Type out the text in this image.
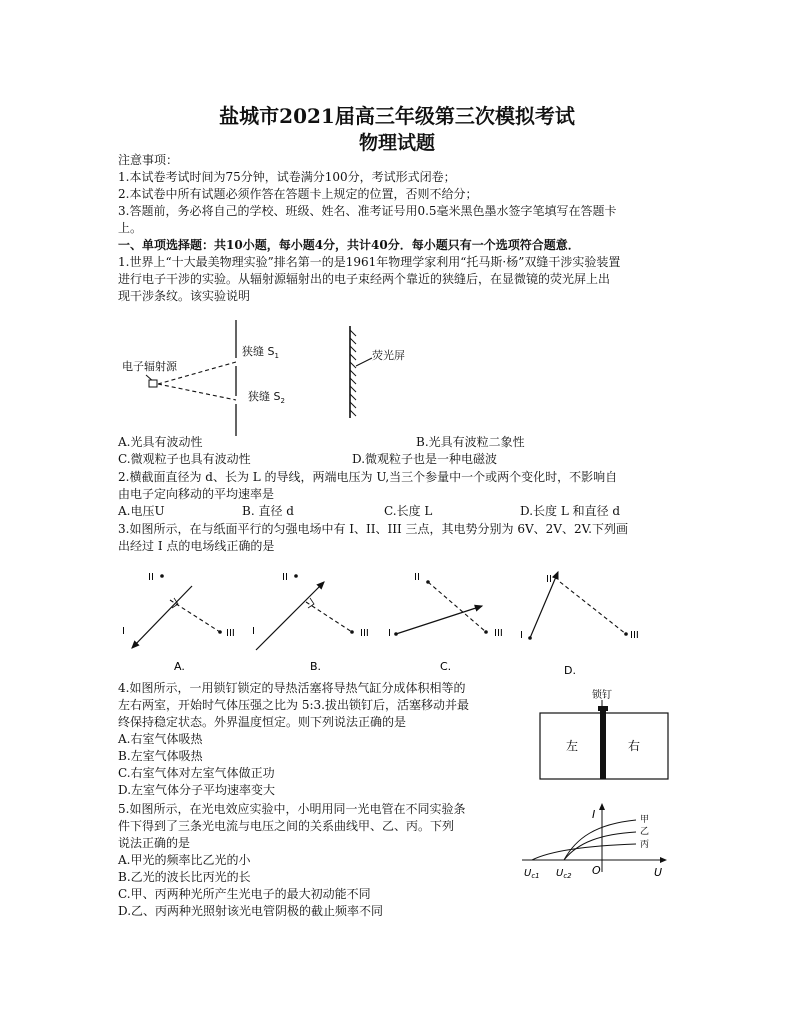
盐城市2021届高三年级第三次模拟考试
物理试题
注意事项：
1.本试卷考试时间为75分钟，试卷满分100分，考试形式闭卷；
2.本试卷中所有试题必须作答在答题卡上规定的位置，否则不给分；
3.答题前，务必将自己的学校、班级、姓名、准考证号用0.5毫米黑色墨水签字笔填写在答题卡
上。
一、单项选择题：共10小题，每小题4分，共计40分．每小题只有一个选项符合题意．
1.世界上“十大最美物理实验”排名第一的是1961年物理学家利用“托马斯·杨”双缝干涉实验装置
进行电子干涉的实验。从辐射源辐射出的电子束经两个靠近的狭缝后，在显微镜的荧光屏上出
现干涉条纹。该实验说明
电子辐射源
狭缝 $S_1$
狭缝 $S_2$
荧光屏
A.光具有波动性	B.光具有波粒二象性
C.微观粒子也具有波动性	D.微观粒子也是一种电磁波
2.横截面直径为 d、长为 L 的导线，两端电压为 U,当三个参量中一个或两个变化时，不影响自
由电子定向移动的平均速率是
A.电压U	B. 直径 d	C.长度 L	D.长度 L 和直径 d
3.如图所示，在与纸面平行的匀强电场中有 I、II、III 三点，其电势分别为 6V、2V、2V.下列画
出经过 I 点的电场线正确的是
II
I	III
A.
II
I	III
B.
II
I	III
C.
II
I	III
D.
4.如图所示，一用锁钉锁定的导热活塞将导热气缸分成体积相等的
左右两室，开始时气体压强之比为 5:3.拔出锁钉后，活塞移动并最
终保持稳定状态。外界温度恒定。则下列说法正确的是
A.右室气体吸热
B.左室气体吸热
C.右室气体对左室气体做正功
D.左室气体分子平均速率变大
锁钉
左	右
5.如图所示，在光电效应实验中，小明用同一光电管在不同实验条
件下得到了三条光电流与电压之间的关系曲线甲、乙、丙。下列
说法正确的是
A.甲光的频率比乙光的小
B.乙光的波长比丙光的长
C.甲、丙两种光所产生光电子的最大初动能不同
D.乙、丙两种光照射该光电管阴极的截止频率不同
I
U
O
甲
乙
丙
$U_{c1}$ $U_{c2}$
